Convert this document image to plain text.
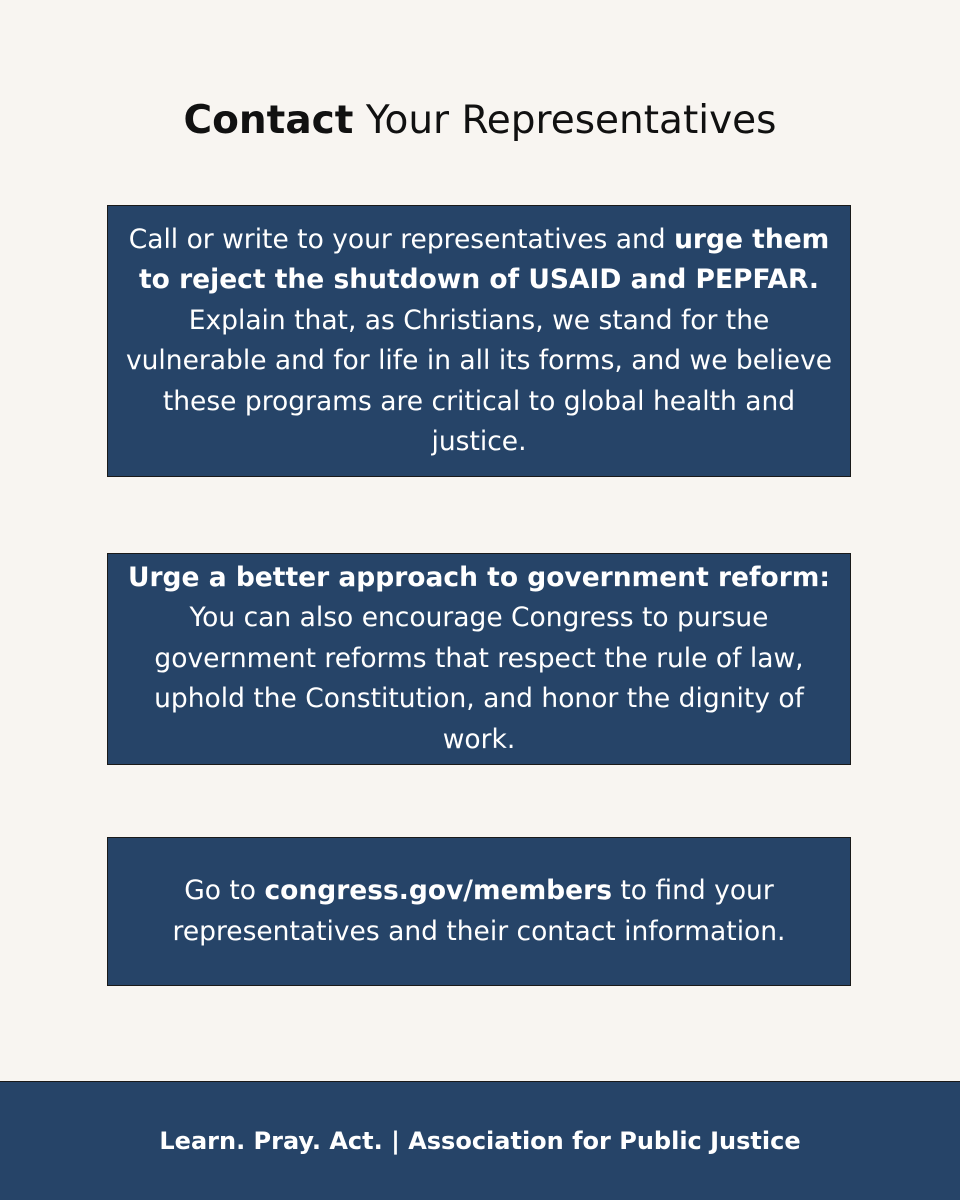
Contact Your Representatives

Call or write to your representatives and urge them to reject the shutdown of USAID and PEPFAR. Explain that, as Christians, we stand for the vulnerable and for life in all its forms, and we believe these programs are critical to global health and justice.

Urge a better approach to government reform:
You can also encourage Congress to pursue government reforms that respect the rule of law, uphold the Constitution, and honor the dignity of work.

Go to congress.gov/members to find your representatives and their contact information.

Learn. Pray. Act. | Association for Public Justice
